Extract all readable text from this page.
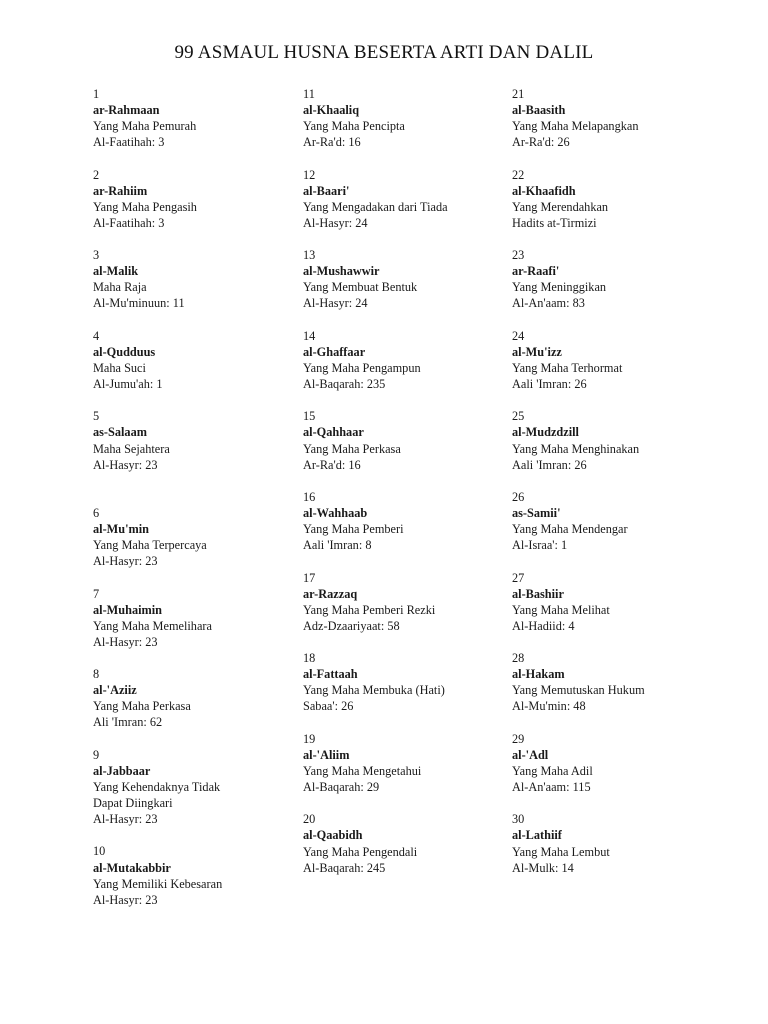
99 ASMAUL HUSNA BESERTA ARTI DAN DALIL
1
ar-Rahmaan
Yang Maha Pemurah
Al-Faatihah: 3
2
ar-Rahiim
Yang Maha Pengasih
Al-Faatihah: 3
3
al-Malik
Maha Raja
Al-Mu'minuun: 11
4
al-Qudduus
Maha Suci
Al-Jumu'ah: 1
5
as-Salaam
Maha Sejahtera
Al-Hasyr: 23
6
al-Mu'min
Yang Maha Terpercaya
Al-Hasyr: 23
7
al-Muhaimin
Yang Maha Memelihara
Al-Hasyr: 23
8
al-'Aziiz
Yang Maha Perkasa
Ali 'Imran: 62
9
al-Jabbaar
Yang Kehendaknya Tidak
Dapat Diingkari
Al-Hasyr: 23
10
al-Mutakabbir
Yang Memiliki Kebesaran
Al-Hasyr: 23
11
al-Khaaliq
Yang Maha Pencipta
Ar-Ra'd: 16
12
al-Baari'
Yang Mengadakan dari Tiada
Al-Hasyr: 24
13
al-Mushawwir
Yang Membuat Bentuk
Al-Hasyr: 24
14
al-Ghaffaar
Yang Maha Pengampun
Al-Baqarah: 235
15
al-Qahhaar
Yang Maha Perkasa
Ar-Ra'd: 16
16
al-Wahhaab
Yang Maha Pemberi
Aali 'Imran: 8
17
ar-Razzaq
Yang Maha Pemberi Rezki
Adz-Dzaariyaat: 58
18
al-Fattaah
Yang Maha Membuka (Hati)
Sabaa': 26
19
al-'Aliim
Yang Maha Mengetahui
Al-Baqarah: 29
20
al-Qaabidh
Yang Maha Pengendali
Al-Baqarah: 245
21
al-Baasith
Yang Maha Melapangkan
Ar-Ra'd: 26
22
al-Khaafidh
Yang Merendahkan
Hadits at-Tirmizi
23
ar-Raafi'
Yang Meninggikan
Al-An'aam: 83
24
al-Mu'izz
Yang Maha Terhormat
Aali 'Imran: 26
25
al-Mudzdzill
Yang Maha Menghinakan
Aali 'Imran: 26
26
as-Samii'
Yang Maha Mendengar
Al-Israa': 1
27
al-Bashiir
Yang Maha Melihat
Al-Hadiid: 4
28
al-Hakam
Yang Memutuskan Hukum
Al-Mu'min: 48
29
al-'Adl
Yang Maha Adil
Al-An'aam: 115
30
al-Lathiif
Yang Maha Lembut
Al-Mulk: 14
